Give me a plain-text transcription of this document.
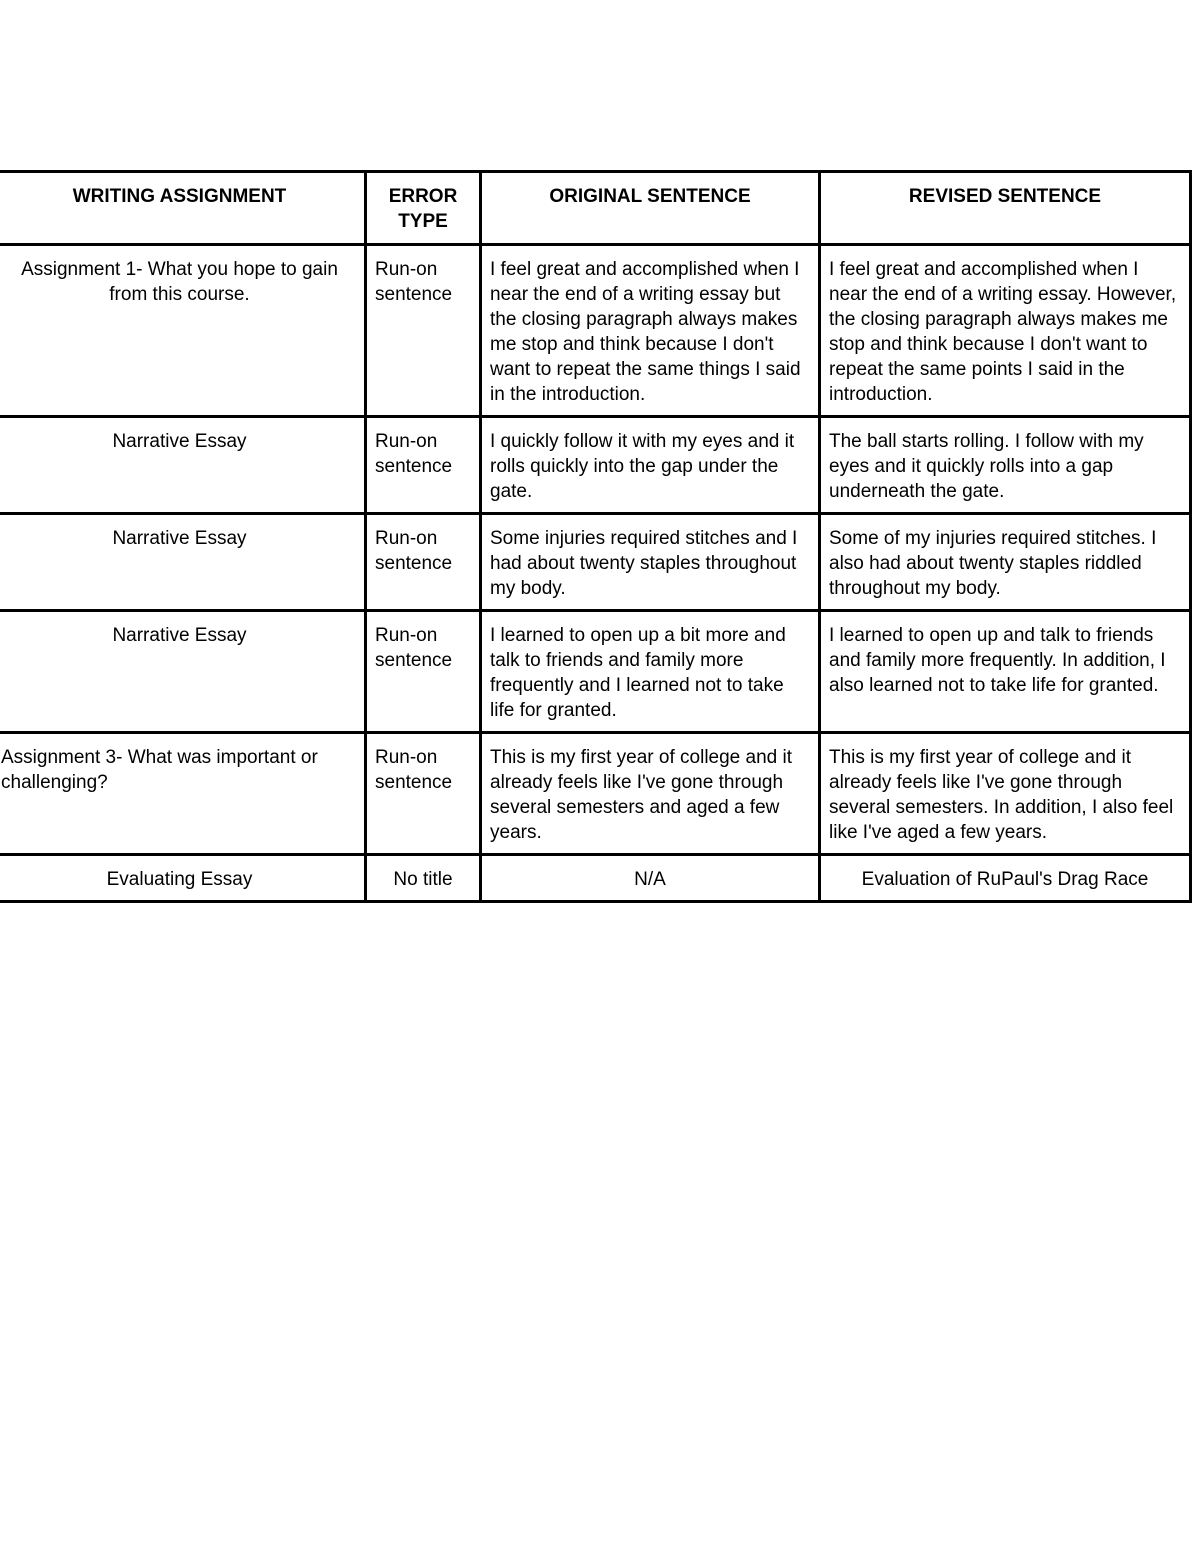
WRITING ASSIGNMENT	ERROR TYPE	ORIGINAL SENTENCE	REVISED SENTENCE
Assignment 1- What you hope to gain from this course.	Run-on sentence	I feel great and accomplished when I near the end of a writing essay but the closing paragraph always makes me stop and think because I don't want to repeat the same things I said in the introduction.	I feel great and accomplished when I near the end of a writing essay. However, the closing paragraph always makes me stop and think because I don't want to repeat the same points I said in the introduction.
Narrative Essay	Run-on sentence	I quickly follow it with my eyes and it rolls quickly into the gap under the gate.	The ball starts rolling. I follow with my eyes and it quickly rolls into a gap underneath the gate.
Narrative Essay	Run-on sentence	Some injuries required stitches and I had about twenty staples throughout my body.	Some of my injuries required stitches. I also had about twenty staples riddled throughout my body.
Narrative Essay	Run-on sentence	I learned to open up a bit more and talk to friends and family more frequently and I learned not to take life for granted.	I learned to open up and talk to friends and family more frequently. In addition, I also learned not to take life for granted.
Assignment 3- What was important or challenging?	Run-on sentence	This is my first year of college and it already feels like I've gone through several semesters and aged a few years.	This is my first year of college and it already feels like I've gone through several semesters. In addition, I also feel like I've aged a few years.
Evaluating Essay	No title	N/A	Evaluation of RuPaul's Drag Race
